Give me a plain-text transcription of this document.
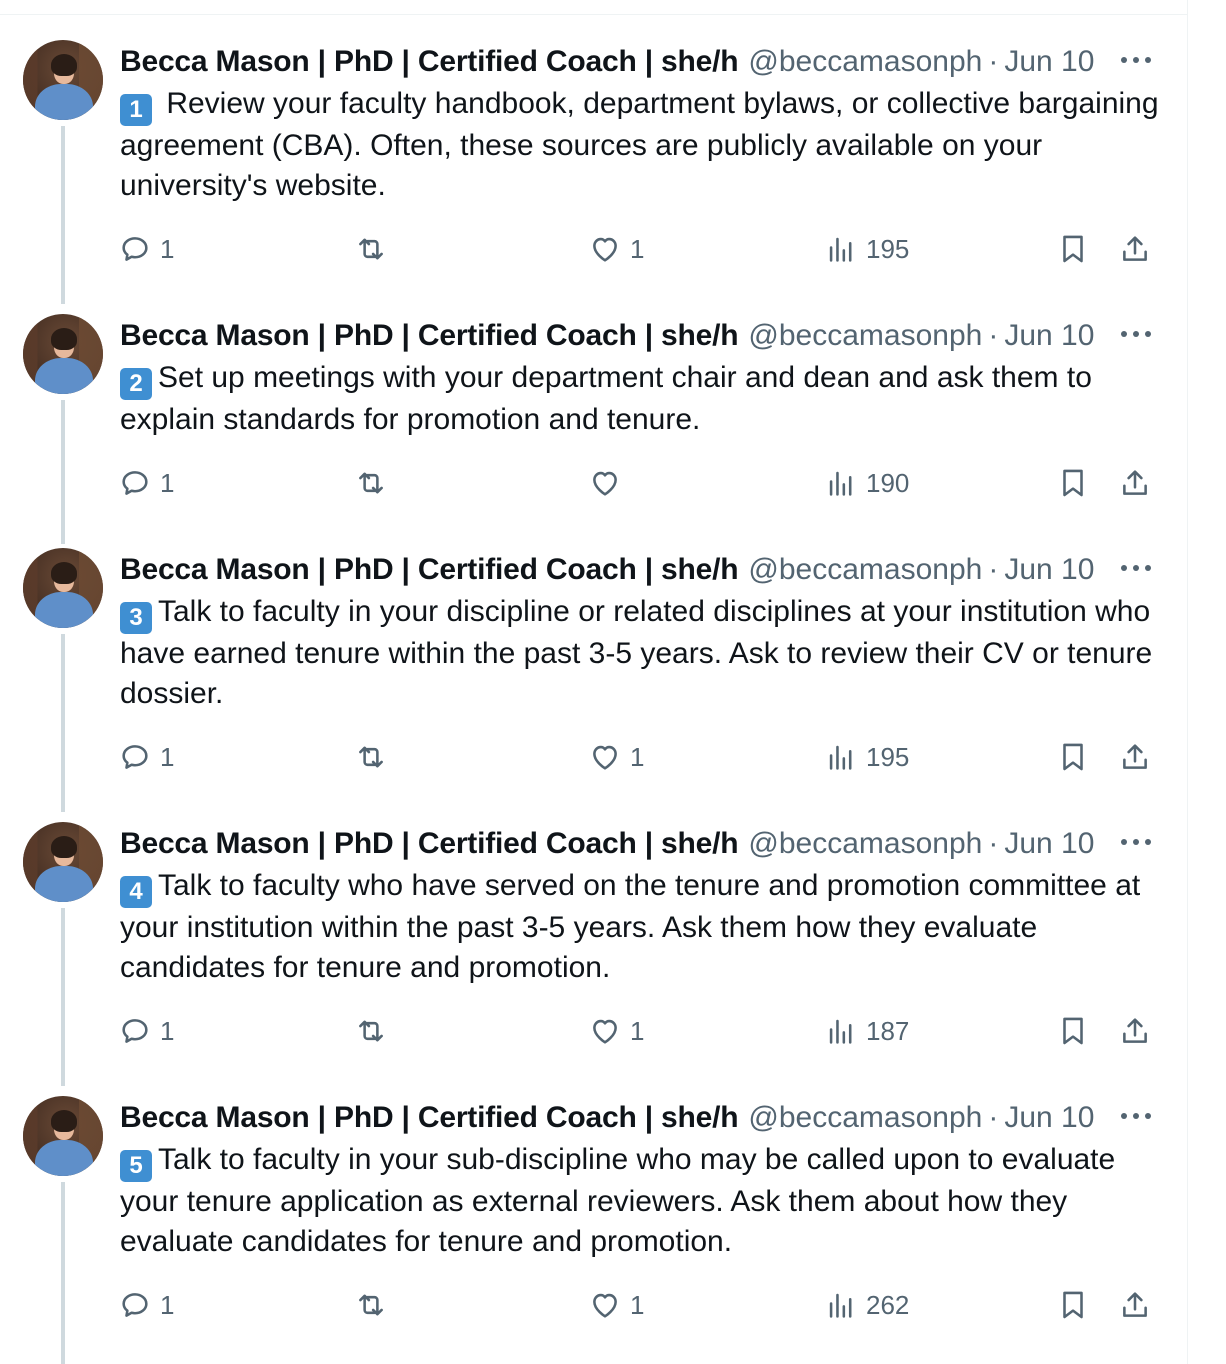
Becca Mason | PhD | Certified Coach | she/h @beccamasonph · Jun 10
1 Review your faculty handbook, department bylaws, or collective bargaining agreement (CBA). Often, these sources are publicly available on your university's website.
1	1	195
Becca Mason | PhD | Certified Coach | she/h @beccamasonph · Jun 10
2 Set up meetings with your department chair and dean and ask them to explain standards for promotion and tenure.
1	190
Becca Mason | PhD | Certified Coach | she/h @beccamasonph · Jun 10
3 Talk to faculty in your discipline or related disciplines at your institution who have earned tenure within the past 3-5 years. Ask to review their CV or tenure dossier.
1	1	195
Becca Mason | PhD | Certified Coach | she/h @beccamasonph · Jun 10
4 Talk to faculty who have served on the tenure and promotion committee at your institution within the past 3-5 years. Ask them how they evaluate candidates for tenure and promotion.
1	1	187
Becca Mason | PhD | Certified Coach | she/h @beccamasonph · Jun 10
5 Talk to faculty in your sub-discipline who may be called upon to evaluate your tenure application as external reviewers. Ask them about how they evaluate candidates for tenure and promotion.
1	1	262
